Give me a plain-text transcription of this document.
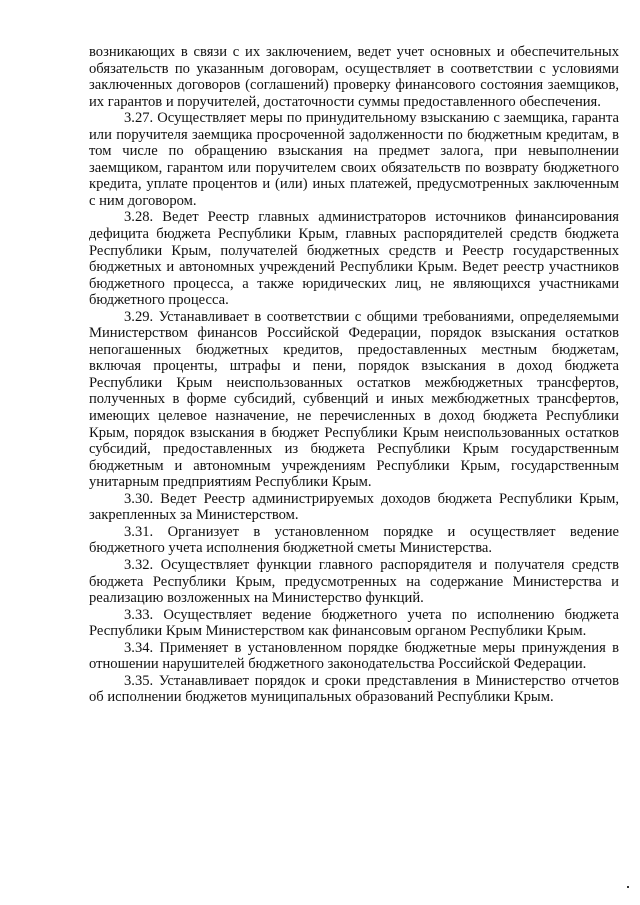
возникающих в связи с их заключением, ведет учет основных и обеспечительных обязательств по указанным договорам, осуществляет в соответствии с условиями заключенных договоров (соглашений) проверку финансового состояния заемщиков, их гарантов и поручителей, достаточности суммы предоставленного обеспечения.

3.27. Осуществляет меры по принудительному взысканию с заемщика, гаранта или поручителя заемщика просроченной задолженности по бюджетным кредитам, в том числе по обращению взыскания на предмет залога, при невыполнении заемщиком, гарантом или поручителем своих обязательств по возврату бюджетного кредита, уплате процентов и (или) иных платежей, предусмотренных заключенным с ним договором.

3.28. Ведет Реестр главных администраторов источников финансирования дефицита бюджета Республики Крым, главных распорядителей средств бюджета Республики Крым, получателей бюджетных средств и Реестр государственных бюджетных и автономных учреждений Республики Крым. Ведет реестр участников бюджетного процесса, а также юридических лиц, не являющихся участниками бюджетного процесса.

3.29. Устанавливает в соответствии с общими требованиями, определяемыми Министерством финансов Российской Федерации, порядок взыскания остатков непогашенных бюджетных кредитов, предоставленных местным бюджетам, включая проценты, штрафы и пени, порядок взыскания в доход бюджета Республики Крым неиспользованных остатков межбюджетных трансфертов, полученных в форме субсидий, субвенций и иных межбюджетных трансфертов, имеющих целевое назначение, не перечисленных в доход бюджета Республики Крым, порядок взыскания в бюджет Республики Крым неиспользованных остатков субсидий, предоставленных из бюджета Республики Крым государственным бюджетным и автономным учреждениям Республики Крым, государственным унитарным предприятиям Республики Крым.

3.30. Ведет Реестр администрируемых доходов бюджета Республики Крым, закрепленных за Министерством.

3.31. Организует в установленном порядке и осуществляет ведение бюджетного учета исполнения бюджетной сметы Министерства.

3.32. Осуществляет функции главного распорядителя и получателя средств бюджета Республики Крым, предусмотренных на содержание Министерства и реализацию возложенных на Министерство функций.

3.33. Осуществляет ведение бюджетного учета по исполнению бюджета Республики Крым Министерством как финансовым органом Республики Крым.

3.34. Применяет в установленном порядке бюджетные меры принуждения в отношении нарушителей бюджетного законодательства Российской Федерации.

3.35. Устанавливает порядок и сроки представления в Министерство отчетов об исполнении бюджетов муниципальных образований Республики Крым.
